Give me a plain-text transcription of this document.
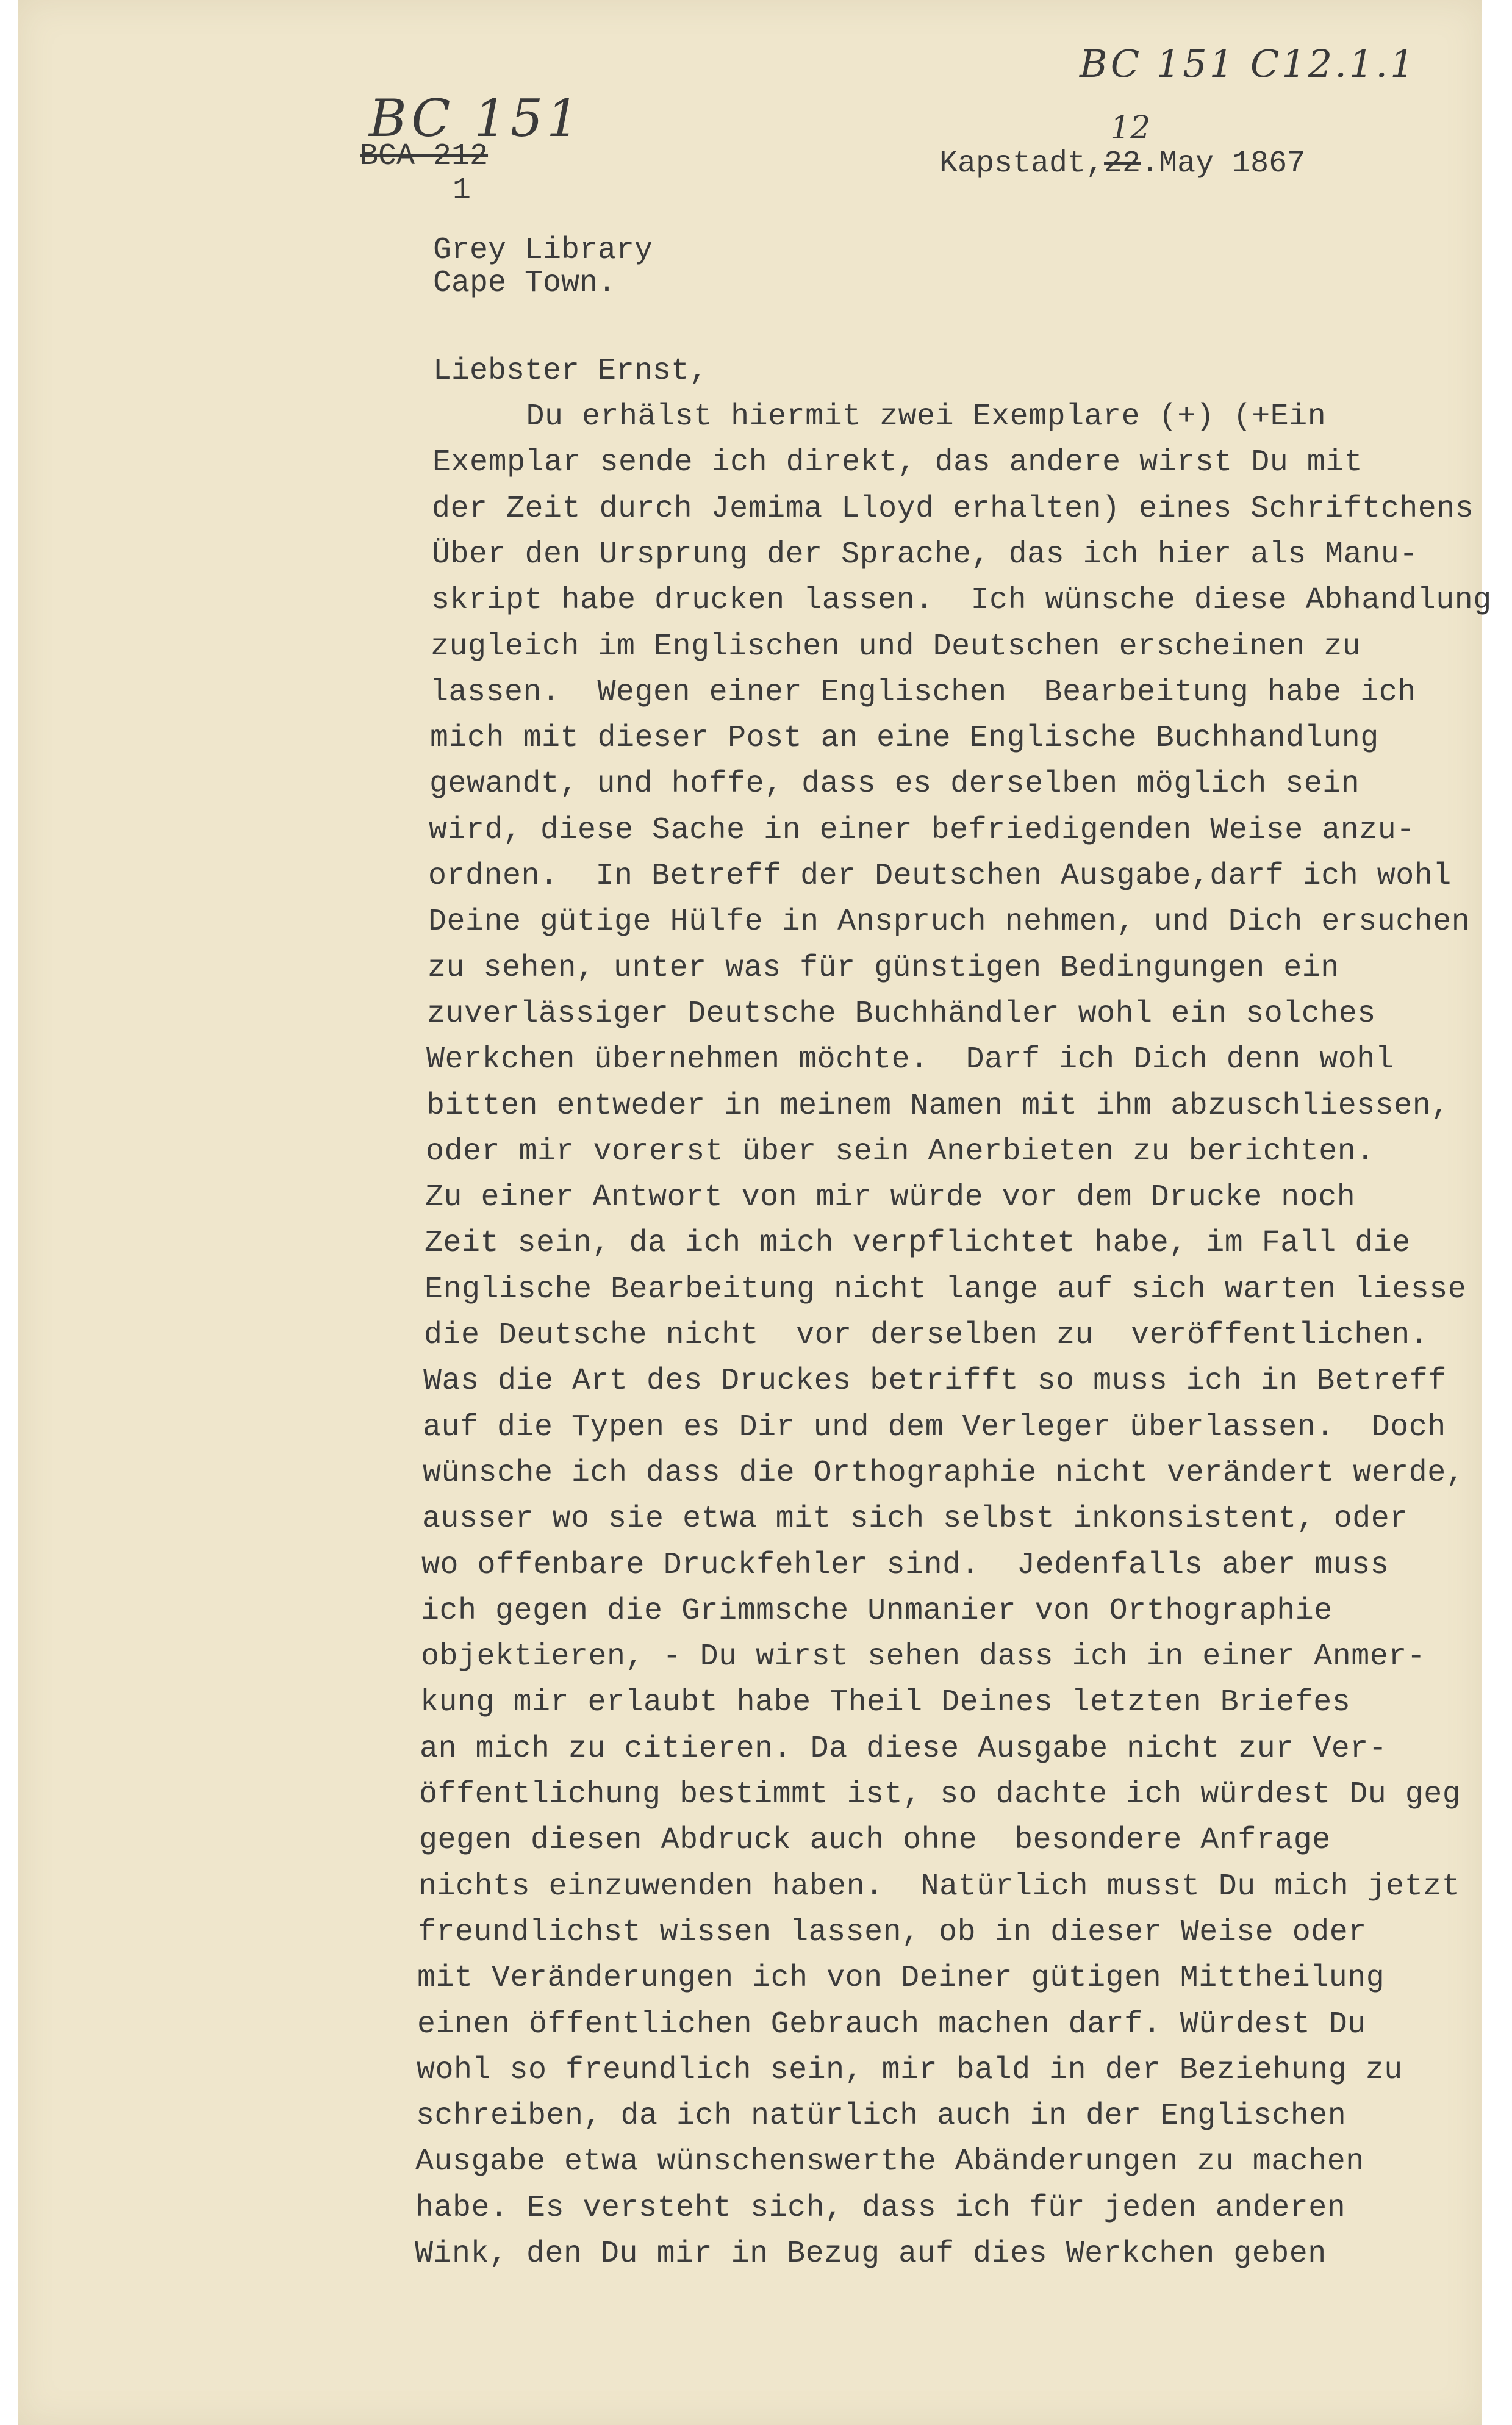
BC 151 C12.1.1
BC 151
BCA 212
1
12
Kapstadt,22.May 1867
Grey Library
Cape Town.
Liebster Ernst,
Du erhälst hiermit zwei Exemplare (+) (+Ein
Exemplar sende ich direkt, das andere wirst Du mit
der Zeit durch Jemima Lloyd erhalten) eines Schriftchens
Über den Ursprung der Sprache, das ich hier als Manu-
skript habe drucken lassen.  Ich wünsche diese Abhandlung
zugleich im Englischen und Deutschen erscheinen zu
lassen.  Wegen einer Englischen  Bearbeitung habe ich
mich mit dieser Post an eine Englische Buchhandlung
gewandt, und hoffe, dass es derselben möglich sein
wird, diese Sache in einer befriedigenden Weise anzu-
ordnen.  In Betreff der Deutschen Ausgabe,darf ich wohl
Deine gütige Hülfe in Anspruch nehmen, und Dich ersuchen
zu sehen, unter was für günstigen Bedingungen ein
zuverlässiger Deutsche Buchhändler wohl ein solches
Werkchen übernehmen möchte.  Darf ich Dich denn wohl
bitten entweder in meinem Namen mit ihm abzuschliessen,
oder mir vorerst über sein Anerbieten zu berichten.
Zu einer Antwort von mir würde vor dem Drucke noch
Zeit sein, da ich mich verpflichtet habe, im Fall die
Englische Bearbeitung nicht lange auf sich warten liesse
die Deutsche nicht  vor derselben zu  veröffentlichen.
Was die Art des Druckes betrifft so muss ich in Betreff
auf die Typen es Dir und dem Verleger überlassen.  Doch
wünsche ich dass die Orthographie nicht verändert werde,
ausser wo sie etwa mit sich selbst inkonsistent, oder
wo offenbare Druckfehler sind.  Jedenfalls aber muss
ich gegen die Grimmsche Unmanier von Orthographie
objektieren, - Du wirst sehen dass ich in einer Anmer-
kung mir erlaubt habe Theil Deines letzten Briefes
an mich zu citieren. Da diese Ausgabe nicht zur Ver-
öffentlichung bestimmt ist, so dachte ich würdest Du geg
gegen diesen Abdruck auch ohne  besondere Anfrage
nichts einzuwenden haben.  Natürlich musst Du mich jetzt
freundlichst wissen lassen, ob in dieser Weise oder
mit Veränderungen ich von Deiner gütigen Mittheilung
einen öffentlichen Gebrauch machen darf. Würdest Du
wohl so freundlich sein, mir bald in der Beziehung zu
schreiben, da ich natürlich auch in der Englischen
Ausgabe etwa wünschenswerthe Abänderungen zu machen
habe. Es versteht sich, dass ich für jeden anderen
Wink, den Du mir in Bezug auf dies Werkchen geben
